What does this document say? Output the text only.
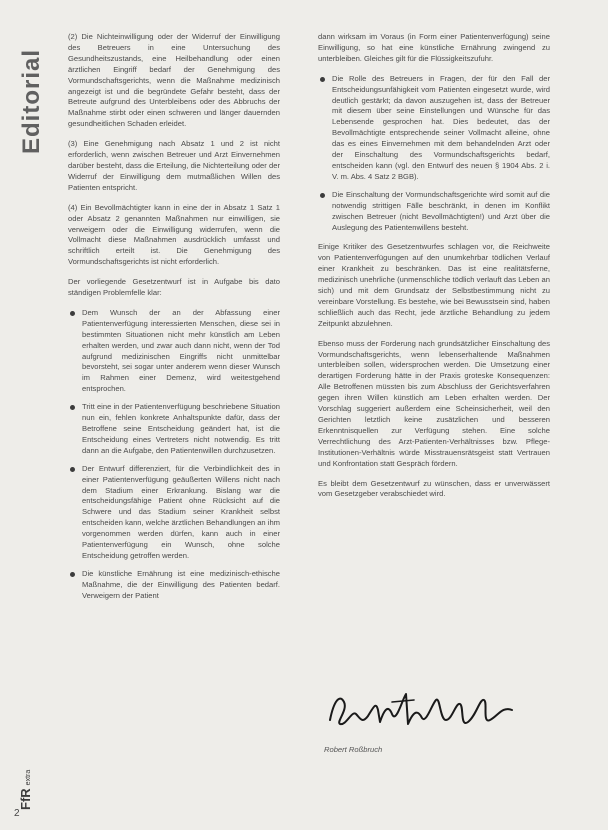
Editorial

(2) Die Nichteinwilligung oder der Widerruf der Einwilligung des Betreuers in eine Untersuchung des Gesundheitszustands, eine Heilbehandlung oder einen ärztlichen Eingriff bedarf der Genehmigung des Vormundschaftsgerichts, wenn die Maßnahme medizinisch angezeigt ist und die begründete Gefahr besteht, dass der Betreute aufgrund des Unterbleibens oder des Abbruchs der Maßnahme stirbt oder einen schweren und länger dauernden gesundheitlichen Schaden erleidet.

(3) Eine Genehmigung nach Absatz 1 und 2 ist nicht erforderlich, wenn zwischen Betreuer und Arzt Einvernehmen darüber besteht, dass die Erteilung, die Nichterteilung oder der Widerruf der Einwilligung dem mutmaßlichen Willen des Patienten entspricht.

(4) Ein Bevollmächtigter kann in eine der in Absatz 1 Satz 1 oder Absatz 2 genannten Maßnahmen nur einwilligen, sie verweigern oder die Einwilligung widerrufen, wenn die Vollmacht diese Maßnahmen ausdrücklich umfasst und schriftlich erteilt ist. Die Genehmigung des Vormundschaftsgerichts ist nicht erforderlich.

Der vorliegende Gesetzentwurf ist in Aufgabe bis dato ständigen Problemfelle klar:

Dem Wunsch der an der Abfassung einer Patientenverfügung interessierten Menschen, diese sei in bestimmten Situationen nicht mehr künstlich am Leben erhalten werden, und zwar auch dann nicht, wenn der Tod aufgrund medizinischen Eingriffs nicht unmittelbar bevorsteht, sei sogar unter anderem wenn dieser Wunsch im Rahmen einer Demenz, wird weitestgehend entsprochen.
Tritt eine in der Patientenverfügung beschriebene Situation nun ein, fehlen konkrete Anhaltspunkte dafür, dass der Betroffene seine Entscheidung geändert hat, ist die Entscheidung eines Vertreters nicht notwendig. Es tritt dann an die Aufgabe, den Patientenwillen durchzusetzen.
Der Entwurf differenziert, für die Verbindlichkeit des in einer Patientenverfügung geäußerten Willens nicht nach dem Stadium einer Erkrankung. Bislang war die entscheidungsfähige Patient ohne Rücksicht auf die Schwere und das Stadium seiner Krankheit selbst entscheiden kann, welche ärztlichen Behandlungen an ihm vorgenommen werden dürfen, kann auch in einer Patientenverfügung ein Wunsch, ohne solche Entscheidung getroffen werden.
Die künstliche Ernährung ist eine medizinisch-ethische Maßnahme, die der Einwilligung des Patienten bedarf. Verweigern der Patient

dann wirksam im Voraus (in Form einer Patientenverfügung) seine Einwilligung, so hat eine künstliche Ernährung zwingend zu unterbleiben. Gleiches gilt für die Flüssigkeitszufuhr.

Die Rolle des Betreuers in Fragen, der für den Fall der Entscheidungsunfähigkeit vom Patienten eingesetzt wurde, wird deutlich gestärkt; da davon auszugehen ist, dass der Betreuer mit diesem über seine Einstellungen und Wünsche für das Lebensende gesprochen hat. Dies bedeutet, das der Bevollmächtigte entsprechende seiner Vollmacht alleine, ohne das es eines Einvernehmen mit dem behandelnden Arzt oder der Einschaltung des Vormundschaftsgerichts bedarf, entscheiden kann (vgl. den Entwurf des neuen § 1904 Abs. 2 i. V. m. Abs. 4 Satz 2 BGB).
Die Einschaltung der Vormundschaftsgerichte wird somit auf die notwendig strittigen Fälle beschränkt, in denen im Konflikt zwischen Betreuer (nicht Bevollmächtigten!) und Arzt über die Auslegung des Patientenwillens besteht.

Einige Kritiker des Gesetzentwurfes schlagen vor, die Reichweite von Patientenverfügungen auf den unumkehrbar tödlichen Verlauf einer Krankheit zu beschränken. Das ist eine realitätsferne, medizinisch unehrliche (unmenschliche tödlich verlauft das Leben an sich) und mit dem Grundsatz der Selbstbestimmung nicht zu vereinbare Vorstellung. Es bestehe, wie bei Bewusstsein sind, haben schließlich auch das Recht, jede ärztliche Behandlung zu jedem Zeitpunkt abzulehnen.

Ebenso muss der Forderung nach grundsätzlicher Einschaltung des Vormundschaftsgerichts, wenn lebenserhaltende Maßnahmen unterbleiben sollen, widersprochen werden. Die Umsetzung einer derartigen Forderung hätte in der Praxis groteske Konsequenzen: Alle Betroffenen müssten bis zum Abschluss der Gerichtsverfahren gegen ihren Willen künstlich am Leben erhalten werden. Der Vorschlag suggeriert außerdem eine Scheinsicherheit, weil den Gerichten letztlich keine zusätzlichen und besseren Erkenntnisquellen zur Verfügung stehen. Eine solche Verrechtlichung des Arzt-Patienten-Verhältnisses bzw. Pflege-Institutionen-Verhältnis würde Misstrauensrätsgeist statt Vertrauen und Konfrontation statt Gespräch fördern.

Es bleibt dem Gesetzentwurf zu wünschen, dass er unverwässert vom Gesetzgeber verabschiedet wird.

Robert Roßbruch
FfRextra
2
